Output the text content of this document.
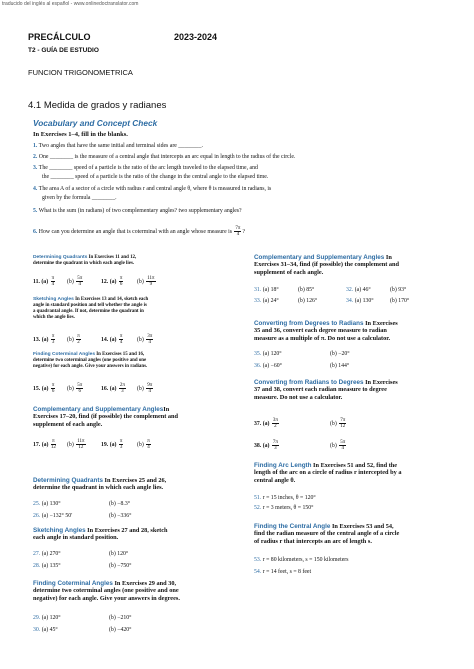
traducido del inglés al español - www.onlinedoctranslator.com
PRECÁLCULO	2023-2024
T2 - GUÍA DE ESTUDIO
FUNCION TRIGONOMETRICA
4.1 Medida de grados y radianes
Vocabulary and Concept Check
In Exercises 1–4, fill in the blanks.
1. Two angles that have the same initial and terminal sides are ________.
2. One ________ is the measure of a central angle that intercepts an arc equal in length to the radius of the circle.
3. The ________ speed of a particle is the ratio of the arc length traveled to the elapsed time, and
the ________ speed of a particle is the ratio of the change in the central angle to the elapsed time.
4. The area A of a sector of a circle with radius r and central angle θ, where θ is measured in radians, is
given by the formula ________.
5. What is the sum (in radians) of two complementary angles? two supplementary angles?
6. How can you determine an angle that is coterminal with an angle whose measure is $\frac{7\pi}{4}$ ?
Determining Quadrants In Exercises 11 and 12,
determine the quadrant in which each angle lies.
11. $(a) \frac{\pi}{4} (b) \frac{5\pi}{4}$	12. $(a) \frac{\pi}{6} (b) \frac{11\pi}{9}$
Sketching Angles In Exercises 13 and 14, sketch each
angle in standard position and tell whether the angle is
a quadrantal angle. If not, determine the quadrant in
which the angle lies.
13. $(a) \frac{\pi}{3} (b) \frac{\pi}{2}$	14. $(a) \frac{\pi}{4} (b) \frac{3\pi}{4}$
Finding Coterminal Angles In Exercises 15 and 16,
determine two coterminal angles (one positive and one
negative) for each angle. Give your answers in radians.
15. $(a) \frac{\pi}{6} (b) \frac{5\pi}{6}$	16. $(a) \frac{2\pi}{3} (b) \frac{9\pi}{4}$
Complementary and Supplementary AnglesIn
Exercises 17–20, find (if possible) the complement and
supplement of each angle.
17. $(a) \frac{\pi}{12} (b) \frac{11\pi}{12}$	19. $(a) \frac{\pi}{3} (b) \frac{\pi}{4}$
Determining Quadrants In Exercises 25 and 26,
determine the quadrant in which each angle lies.
25. (a) 130°	(b) −8.3°
26. (a) −132° 50′	(b) −336°
Sketching Angles In Exercises 27 and 28, sketch
each angle in standard position.
27. (a) 270°	(b) 120°
28. (a) 135°	(b) −750°
Finding Coterminal Angles In Exercises 29 and 30,
determine two coterminal angles (one positive and one
negative) for each angle. Give your answers in degrees.
29. (a) 120°	(b) −210°
30. (a) 45°	(b) −420°
Complementary and Supplementary Angles In
Exercises 31–34, find (if possible) the complement and
supplement of each angle.
31. (a) 18°	(b) 85°	32. (a) 46°	(b) 93°
33. (a) 24°	(b) 126°	34. (a) 130°	(b) 170°
Converting from Degrees to Radians In Exercises
35 and 36, convert each degree measure to radian
measure as a multiple of π. Do not use a calculator.
35. (a) 120°	(b) −20°
36. (a) −60°	(b) 144°
Converting from Radians to Degrees In Exercises
37 and 38, convert each radian measure to degree
measure. Do not use a calculator.
37. $(a) \frac{3\pi}{2}$	$(b) \frac{7\pi}{12}$
38. $(a) \frac{7\pi}{3}$	$(b) \frac{5\pi}{4}$
Finding Arc Length In Exercises 51 and 52, find the
length of the arc on a circle of radius r intercepted by a
central angle θ.
51. r = 15 inches, θ = 120°
52. r = 3 meters, θ = 150°
Finding the Central Angle In Exercises 53 and 54,
find the radian measure of the central angle of a circle
of radius r that intercepts an arc of length s.
53. r = 80 kilometers, s = 150 kilometers
54. r = 14 feet, s = 8 feet
